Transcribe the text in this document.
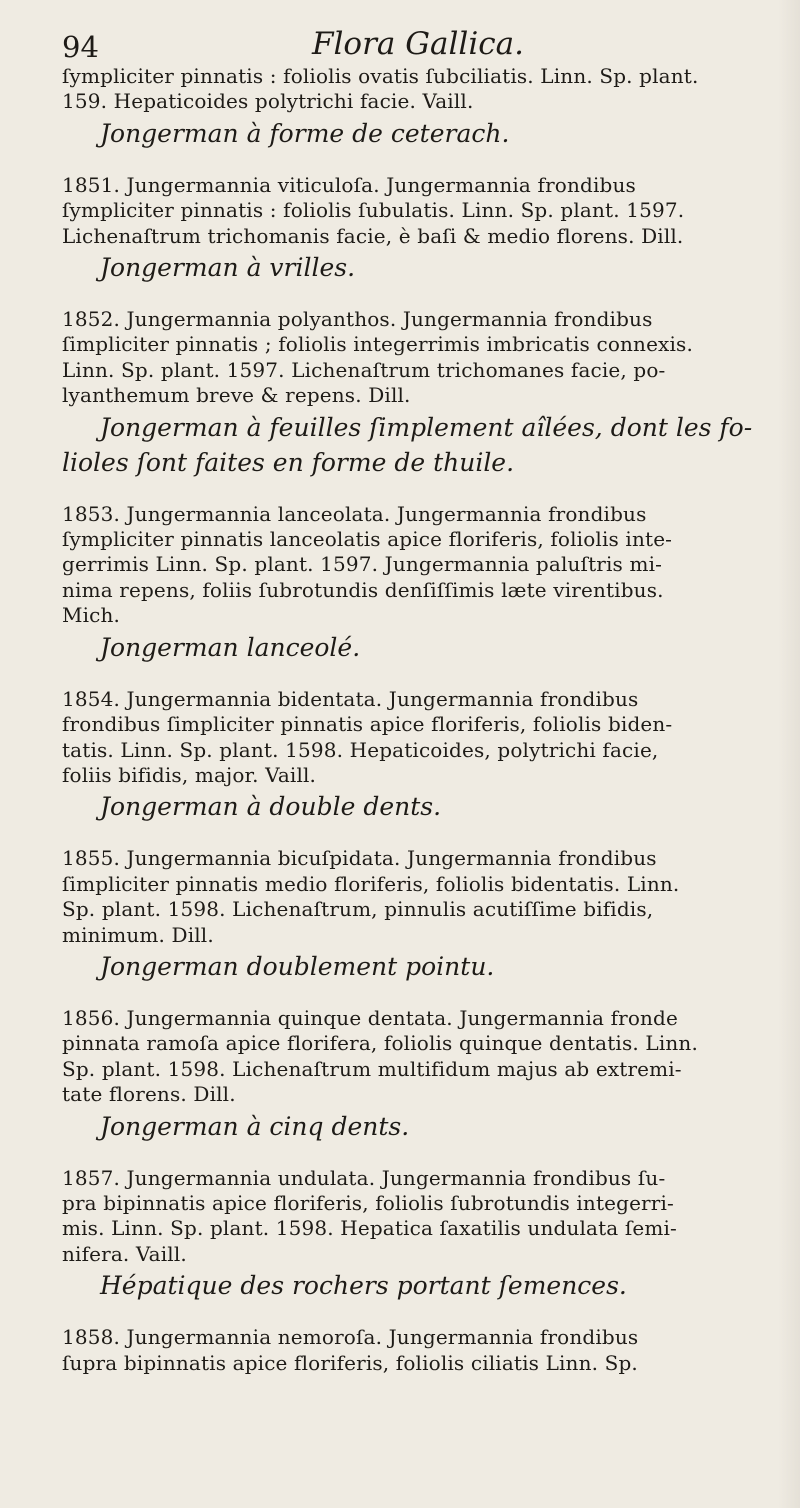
94	Flora Gallica.
ſympliciter pinnatis : foliolis ovatis ſubciliatis. Linn. Sp. plant.
159. Hepaticoides polytrichi facie. Vaill.
Jongerman à forme de ceterach.
1851. Jungermannia viticuloſa. Jungermannia frondibus
ſympliciter pinnatis : foliolis ſubulatis. Linn. Sp. plant. 1597.
Lichenaſtrum trichomanis facie, è baſi & medio florens. Dill.
Jongerman à vrilles.
1852. Jungermannia polyanthos. Jungermannia frondibus
ſimpliciter pinnatis ; foliolis integerrimis imbricatis connexis.
Linn. Sp. plant. 1597. Lichenaſtrum trichomanes facie, po-
lyanthemum breve & repens. Dill.
Jongerman à feuilles ſimplement aîlées, dont les fo-
lioles ſont faites en forme de thuile.
1853. Jungermannia lanceolata. Jungermannia frondibus
ſympliciter pinnatis lanceolatis apice floriferis, foliolis inte-
gerrimis Linn. Sp. plant. 1597. Jungermannia paluſtris mi-
nima repens, foliis ſubrotundis denſiſſimis læte virentibus.
Mich.
Jongerman lanceolé.
1854. Jungermannia bidentata. Jungermannia frondibus
frondibus ſimpliciter pinnatis apice floriferis, foliolis biden-
tatis. Linn. Sp. plant. 1598. Hepaticoides, polytrichi facie,
foliis bifidis, major. Vaill.
Jongerman à double dents.
1855. Jungermannia bicuſpidata. Jungermannia frondibus
ſimpliciter pinnatis medio floriferis, foliolis bidentatis. Linn.
Sp. plant. 1598. Lichenaſtrum, pinnulis acutiſſime bifidis,
minimum. Dill.
Jongerman doublement pointu.
1856. Jungermannia quinque dentata. Jungermannia fronde
pinnata ramoſa apice florifera, foliolis quinque dentatis. Linn.
Sp. plant. 1598. Lichenaſtrum multifidum majus ab extremi-
tate florens. Dill.
Jongerman à cinq dents.
1857. Jungermannia undulata. Jungermannia frondibus ſu-
pra bipinnatis apice floriferis, foliolis ſubrotundis integerri-
mis. Linn. Sp. plant. 1598. Hepatica ſaxatilis undulata ſemi-
nifera. Vaill.
Hépatique des rochers portant ſemences.
1858. Jungermannia nemoroſa. Jungermannia frondibus
ſupra bipinnatis apice floriferis, foliolis ciliatis Linn. Sp.
